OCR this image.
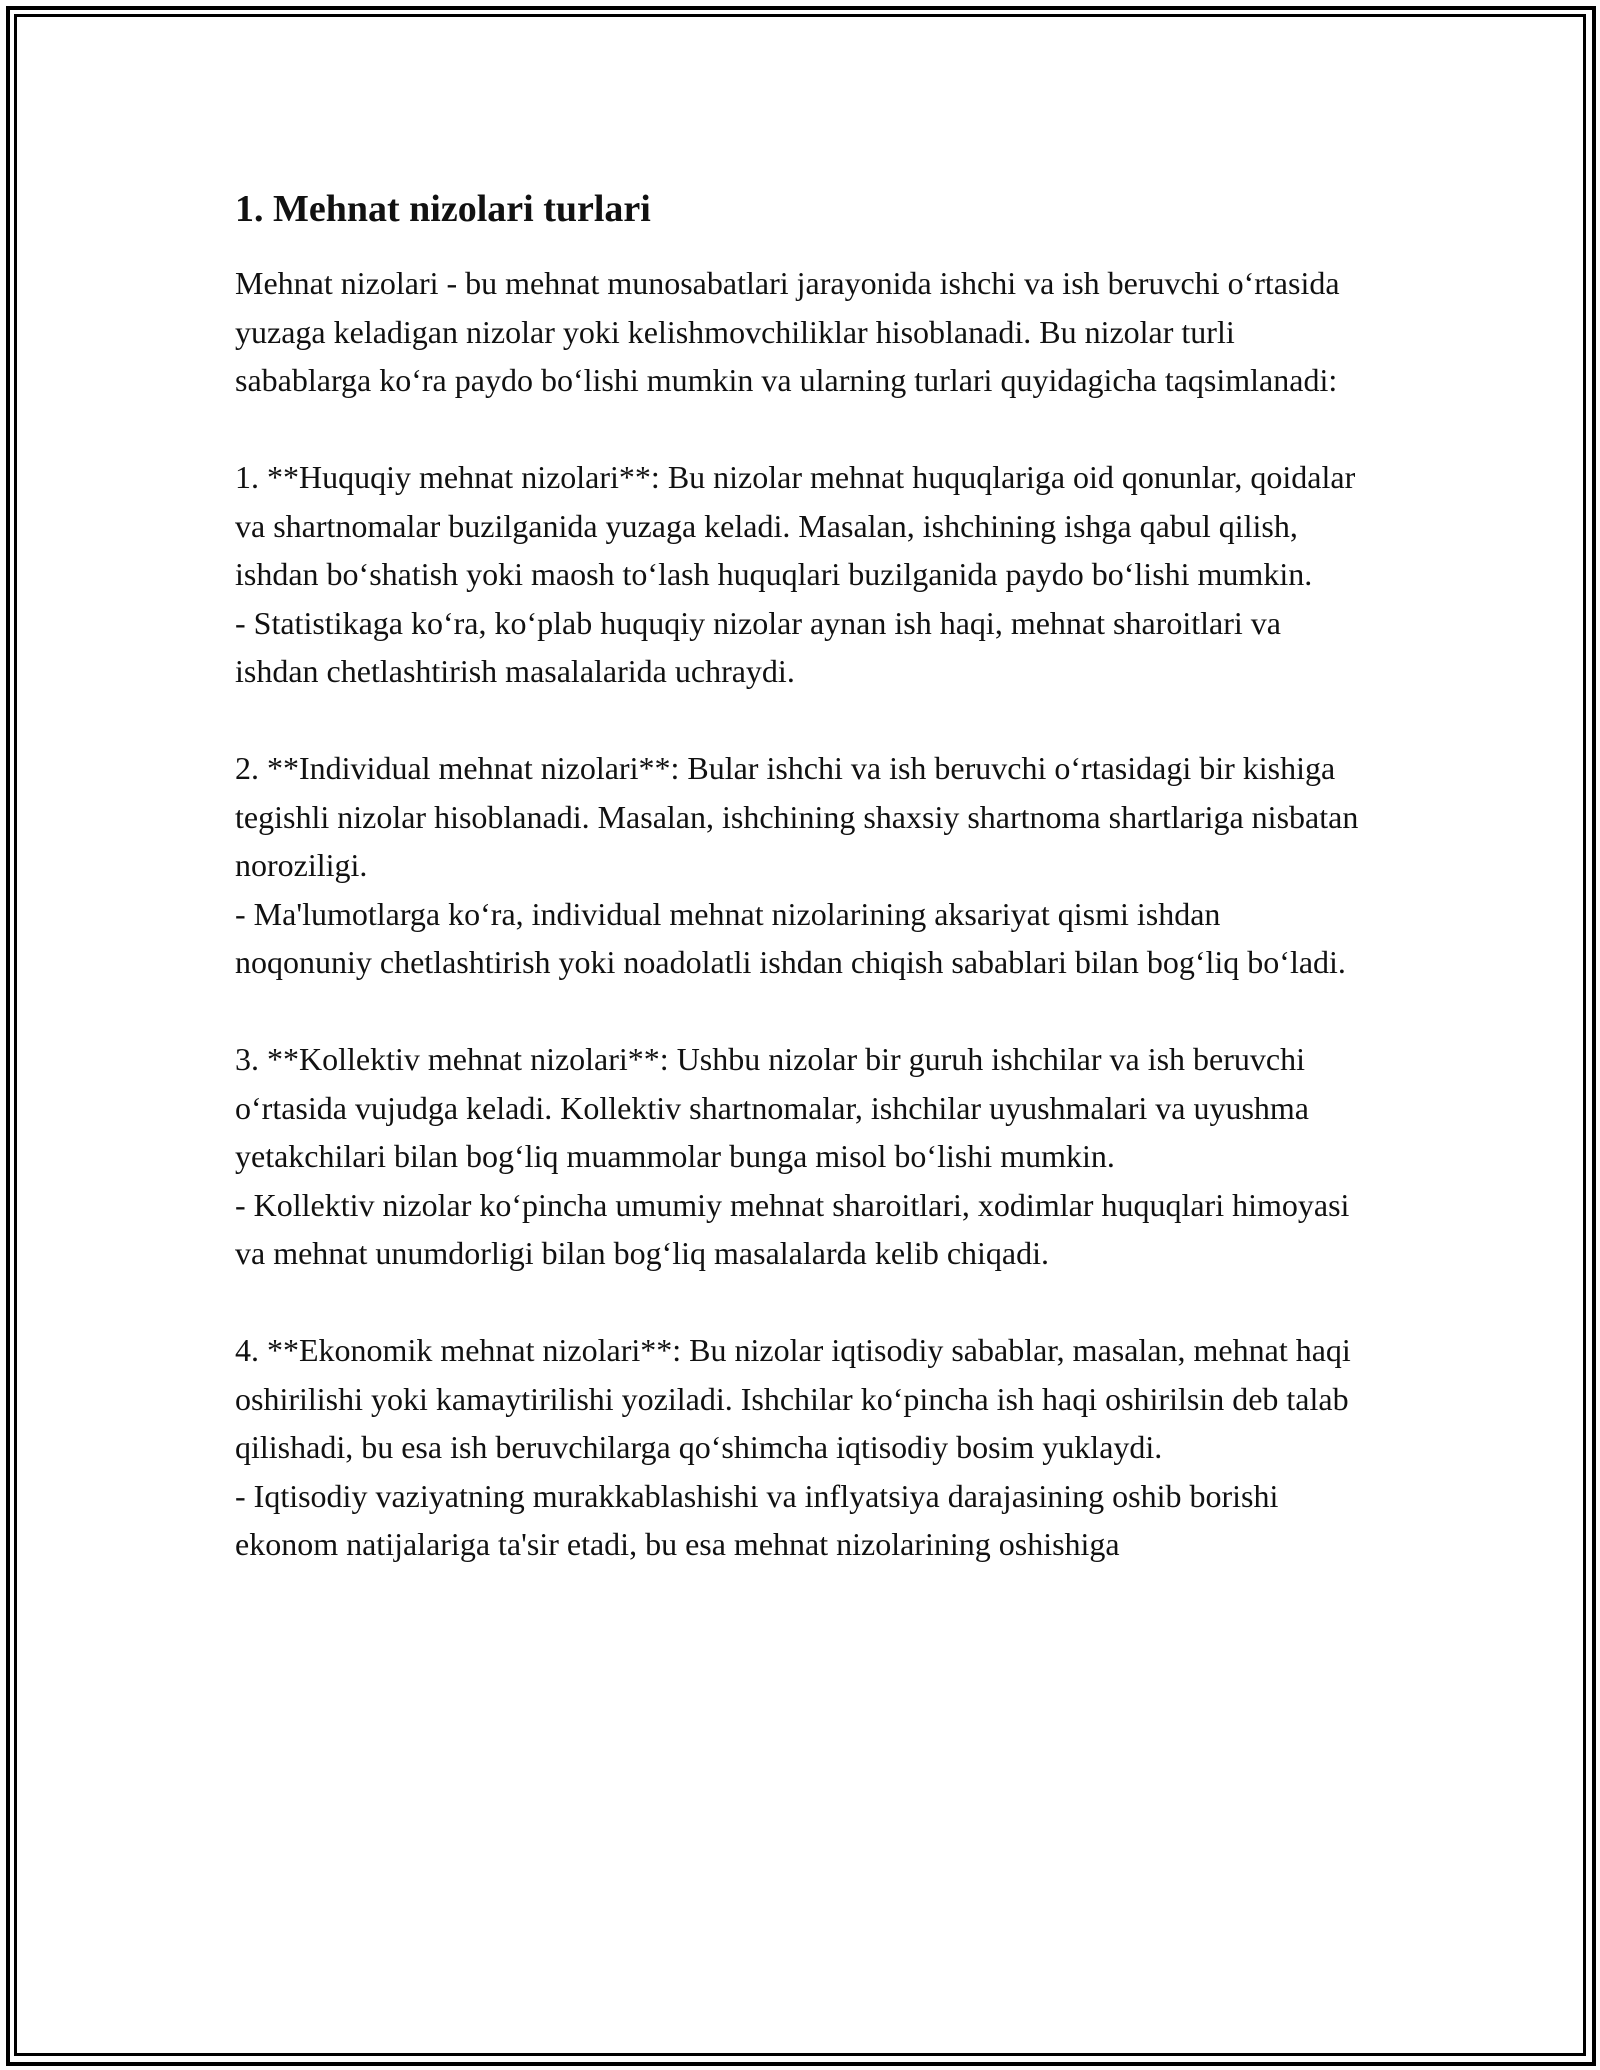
1. Mehnat nizolari turlari

Mehnat nizolari - bu mehnat munosabatlari jarayonida ishchi va ish beruvchi o‘rtasida yuzaga keladigan nizolar yoki kelishmovchiliklar hisoblanadi. Bu nizolar turli sabablarga ko‘ra paydo bo‘lishi mumkin va ularning turlari quyidagicha taqsimlanadi:

1. **Huquqiy mehnat nizolari**: Bu nizolar mehnat huquqlariga oid qonunlar, qoidalar va shartnomalar buzilganida yuzaga keladi. Masalan, ishchining ishga qabul qilish, ishdan bo‘shatish yoki maosh to‘lash huquqlari buzilganida paydo bo‘lishi mumkin.

- Statistikaga ko‘ra, ko‘plab huquqiy nizolar aynan ish haqi, mehnat sharoitlari va ishdan chetlashtirish masalalarida uchraydi.

2. **Individual mehnat nizolari**: Bular ishchi va ish beruvchi o‘rtasidagi bir kishiga tegishli nizolar hisoblanadi. Masalan, ishchining shaxsiy shartnoma shartlariga nisbatan noroziligi.

- Ma'lumotlarga ko‘ra, individual mehnat nizolarining aksariyat qismi ishdan noqonuniy chetlashtirish yoki noadolatli ishdan chiqish sabablari bilan bog‘liq bo‘ladi.

3. **Kollektiv mehnat nizolari**: Ushbu nizolar bir guruh ishchilar va ish beruvchi o‘rtasida vujudga keladi. Kollektiv shartnomalar, ishchilar uyushmalari va uyushma yetakchilari bilan bog‘liq muammolar bunga misol bo‘lishi mumkin.

- Kollektiv nizolar ko‘pincha umumiy mehnat sharoitlari, xodimlar huquqlari himoyasi va mehnat unumdorligi bilan bog‘liq masalalarda kelib chiqadi.

4. **Ekonomik mehnat nizolari**: Bu nizolar iqtisodiy sabablar, masalan, mehnat haqi oshirilishi yoki kamaytirilishi yoziladi. Ishchilar ko‘pincha ish haqi oshirilsin deb talab qilishadi, bu esa ish beruvchilarga qo‘shimcha iqtisodiy bosim yuklaydi.

- Iqtisodiy vaziyatning murakkablashishi va inflyatsiya darajasining oshib borishi ekonom natijalariga ta'sir etadi, bu esa mehnat nizolarining oshishiga
